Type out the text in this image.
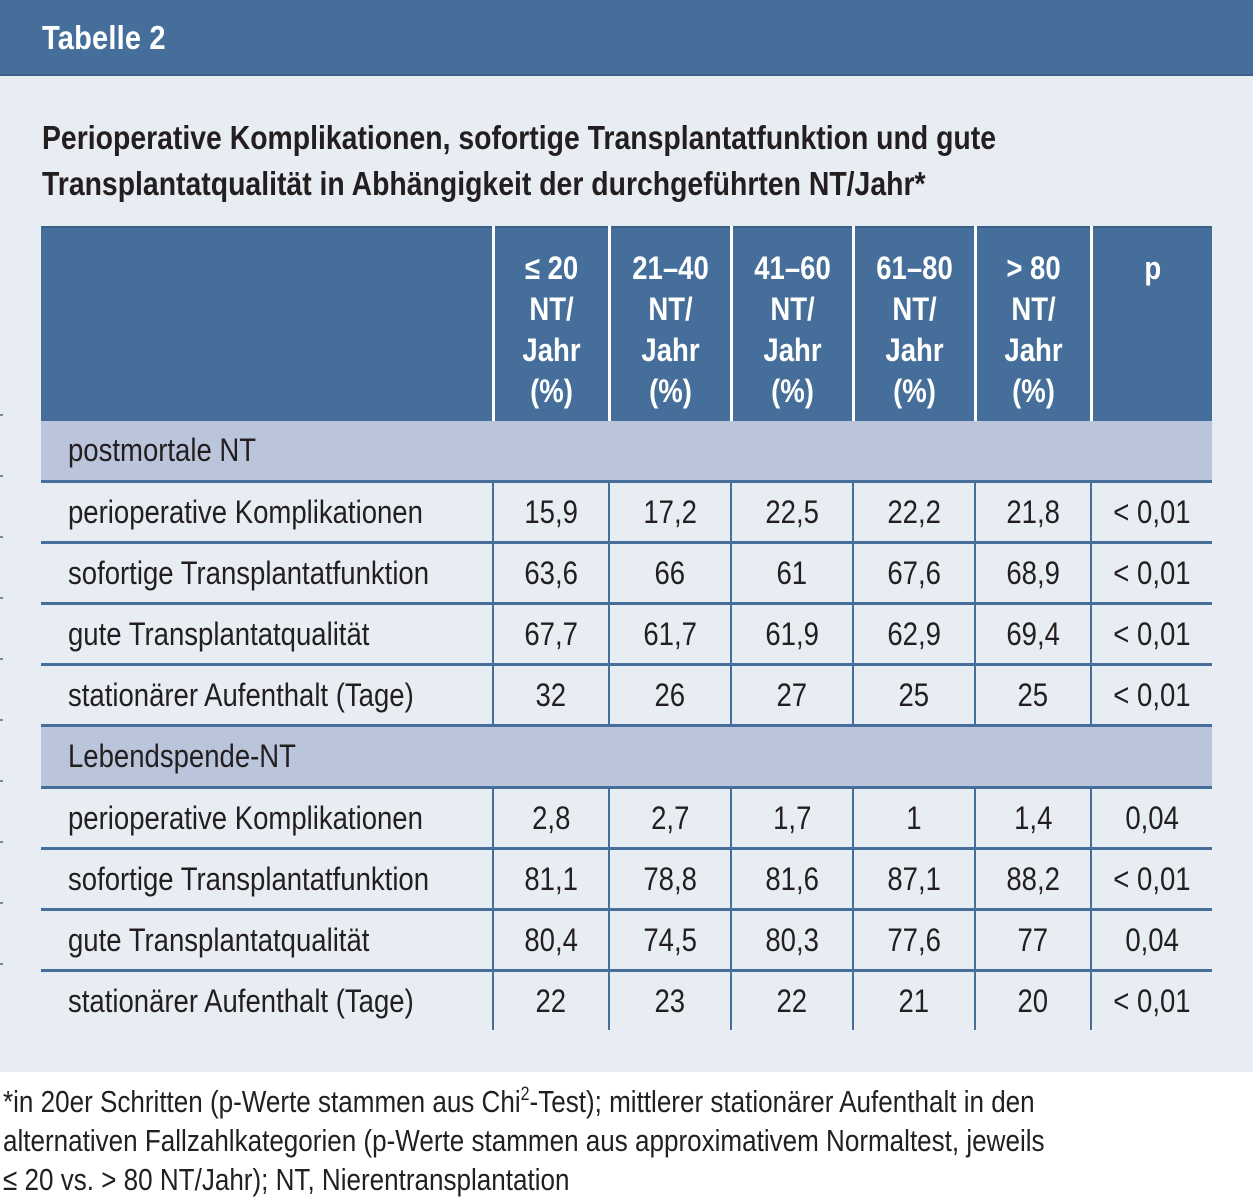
Tabelle 2
Perioperative Komplikationen, sofortige Transplantatfunktion und gute
Transplantatqualität in Abhängigkeit der durchgeführten NT/Jahr*

	≤ 20
NT/
Jahr
(%)	21–40
NT/
Jahr
(%)	41–60
NT/
Jahr
(%)	61–80
NT/
Jahr
(%)	> 80
NT/
Jahr
(%)	p

postmortale NT						
perioperative Komplikationen	15,9	17,2	22,5	22,2	21,8	< 0,01
sofortige Transplantatfunktion	63,6	66	61	67,6	68,9	< 0,01
gute Transplantatqualität	67,7	61,7	61,9	62,9	69,4	< 0,01
stationärer Aufenthalt (Tage)	32	26	27	25	25	< 0,01
Lebendspende-NT						
perioperative Komplikationen	2,8	2,7	1,7	1	1,4	0,04
sofortige Transplantatfunktion	81,1	78,8	81,6	87,1	88,2	< 0,01
gute Transplantatqualität	80,4	74,5	80,3	77,6	77	0,04
stationärer Aufenthalt (Tage)	22	23	22	21	20	< 0,01
*in 20er Schritten (p-Werte stammen aus Chi$^2$-Test); mittlerer stationärer Aufenthalt in den
alternativen Fallzahlkategorien (p-Werte stammen aus approximativem Normaltest, jeweils
≤ 20 vs. > 80 NT/Jahr); NT, Nierentransplantation
